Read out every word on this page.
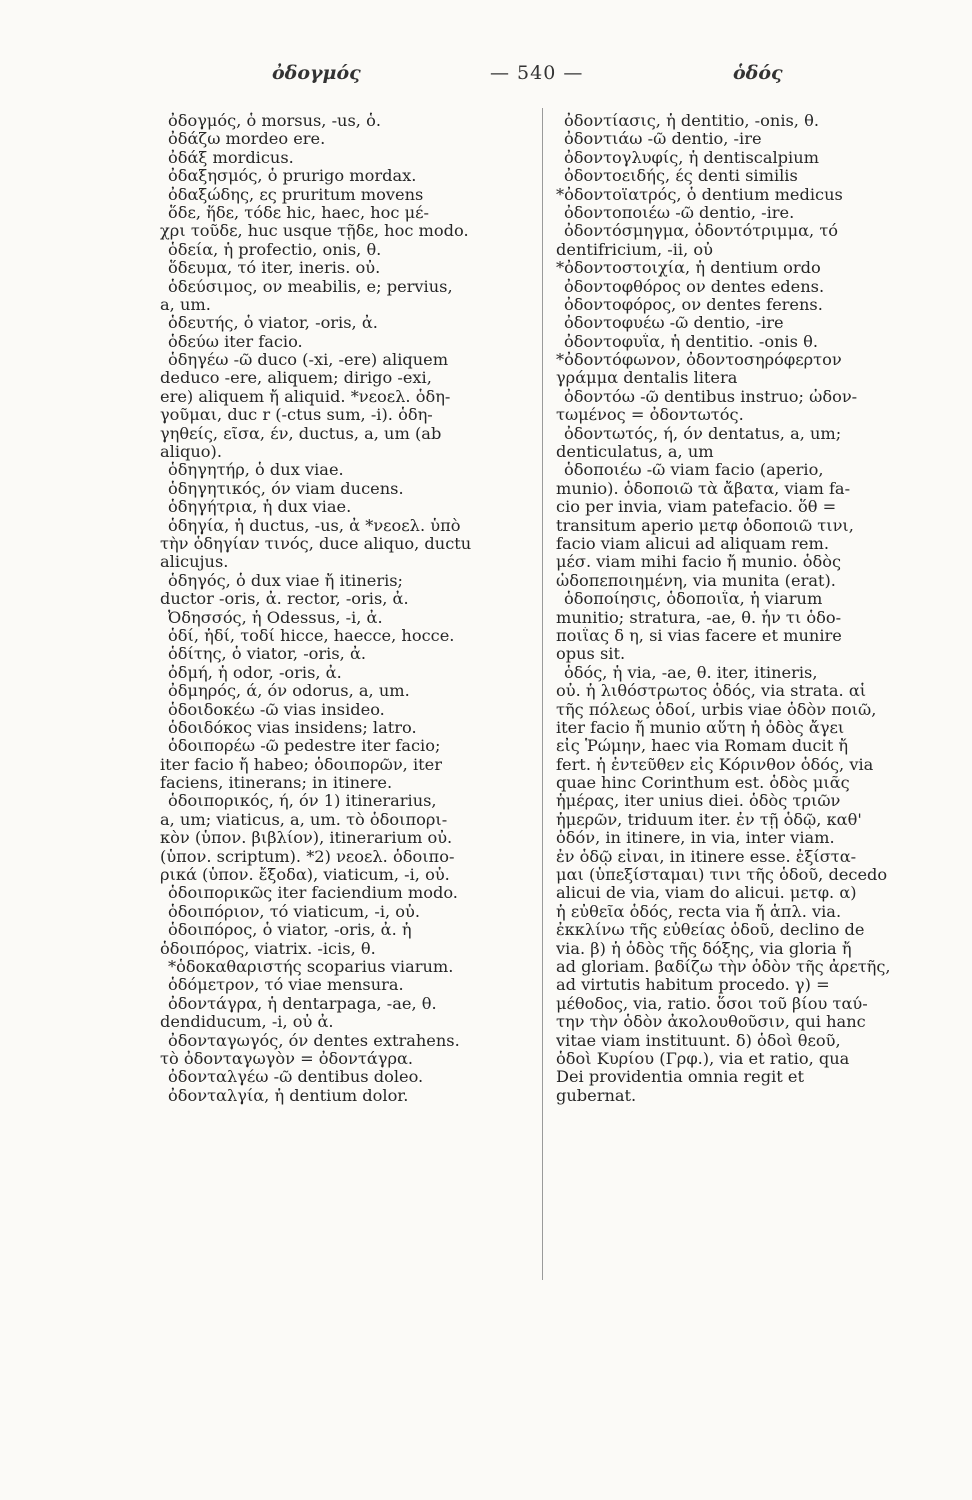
ὀδογμός	— 540 —	ὁδός
ὀδογμός, ὁ morsus, -us, ὁ.
ὀδάζω mordeo ere.
ὀδάξ mordicus.
ὀδαξησμός, ὁ prurigo mordax.
ὀδαξώδης, ες pruritum movens
ὅδε, ἥδε, τόδε hic, haec, hoc μέ-
χρι τοῦδε, huc usque τῇδε, hoc modo.
ὁδεία, ἡ profectio, onis, θ.
ὅδευμα, τό iter, ineris. οὐ.
ὁδεύσιμος, ον meabilis, e; pervius,
a, um.
ὁδευτής, ὁ viator, -oris, ἀ.
ὁδεύω iter facio.
ὁδηγέω -ῶ duco (-xi, -ere) aliquem
deduco -ere, aliquem; dirigo -exi,
ere) aliquem ἤ aliquid. *νεοελ. ὁδη-
γοῦμαι, duc r (-ctus sum, -i). ὁδη-
γηθείς, εῖσα, έν, ductus, a, um (ab
aliquo).
ὁδηγητήρ, ὁ dux viae.
ὁδηγητικός, όν viam ducens.
ὁδηγήτρια, ἡ dux viae.
ὁδηγία, ἡ ductus, -us, ἀ *νεοελ. ὑπὸ
τὴν ὁδηγίαν τινός, duce aliquo, ductu
alicujus.
ὁδηγός, ὁ dux viae ἤ itineris;
ductor -oris, ἀ. rector, -oris, ἀ.
Ὀδησσός, ἡ Odessus, -i, ἀ.
ὁδί, ἡδί, τοδί hicce, haecce, hocce.
ὁδίτης, ὁ viator, -oris, ἀ.
ὀδμή, ἡ odor, -oris, ἀ.
ὀδμηρός, ά, όν odorus, a, um.
ὁδοιδοκέω -ῶ vias insideo.
ὁδοιδόκος vias insidens; latro.
ὁδοιπορέω -ῶ pedestre iter facio;
iter facio ἤ habeo; ὁδοιπορῶν, iter
faciens, itinerans; in itinere.
ὁδοιπορικός, ή, όν 1) itinerarius,
a, um; viaticus, a, um. τὸ ὁδοιπορι-
κὸν (ὑπον. βιβλίον), itinerarium οὐ.
(ὑπον. scriptum). *2) νεοελ. ὁδοιπο-
ρικά (ὑπον. ἔξοδα), viaticum, -i, οὐ.
ὁδοιπορικῶς iter faciendium modo.
ὁδοιπόριον, τό viaticum, -i, οὐ.
ὁδοιπόρος, ὁ viator, -oris, ἀ. ἡ
ὁδοιπόρος, viatrix. -icis, θ.
*ὁδοκαθαριστής scoparius viarum.
ὁδόμετρον, τό viae mensura.
ὀδοντάγρα, ἡ dentarpaga, -ae, θ.
dendiducum, -i, οὐ ἀ.
ὀδονταγωγός, όν dentes extrahens.
τὸ ὀδονταγωγὸν = ὀδοντάγρα.
ὀδονταλγέω -ῶ dentibus doleo.
ὀδονταλγία, ἡ dentium dolor.
ὀδοντίασις, ἡ dentitio, -onis, θ.
ὀδοντιάω -ῶ dentio, -ire
ὀδοντογλυφίς, ἡ dentiscalpium
ὀδοντοειδής, ές denti similis
*ὀδοντοϊατρός, ὁ dentium medicus
ὀδοντοποιέω -ῶ dentio, -ire.
ὀδοντόσμηγμα, ὀδοντότριμμα, τό
dentifricium, -ii, οὐ
*ὀδοντοστοιχία, ἡ dentium ordo
ὀδοντοφθόρος ον dentes edens.
ὀδοντοφόρος, ον dentes ferens.
ὀδοντοφυέω -ῶ dentio, -ire
ὀδοντοφυΐα, ἡ dentitio. -onis θ.
*ὀδοντόφωνον, ὀδοντοσηρόφερτον
γράμμα dentalis litera
ὀδοντόω -ῶ dentibus instruo; ὠδον-
τωμένος = ὀδοντωτός.
ὀδοντωτός, ή, όν dentatus, a, um;
denticulatus, a, um
ὁδοποιέω -ῶ viam facio (aperio,
munio). ὁδοποιῶ τὰ ἄβατα, viam fa-
cio per invia, viam patefacio. ὅθ =
transitum aperio μετφ ὁδοποιῶ τινι,
facio viam alicui ad aliquam rem.
μέσ. viam mihi facio ἤ munio. ὁδὸς
ὡδοπεποιημένη, via munita (erat).
ὁδοποίησις, ὁδοποιΐα, ἡ viarum
munitio; stratura, -ae, θ. ἦν τι ὁδο-
ποιΐας δ η, si vias facere et munire
opus sit.
ὁδός, ἡ via, -ae, θ. iter, itineris,
οὐ. ἡ λιθόστρωτος ὁδός, via strata. αἱ
τῆς πόλεως ὁδοί, urbis viae ὁδὸν ποιῶ,
iter facio ἤ munio αὕτη ἡ ὁδὸς ἄγει
εἰς Ῥώμην, haec via Romam ducit ἤ
fert. ἡ ἐντεῦθεν εἰς Κόρινθον ὁδός, via
quae hinc Corinthum est. ὁδὸς μιᾶς
ἡμέρας, iter unius diei. ὁδὸς τριῶν
ἡμερῶν, triduum iter. ἐν τῇ ὁδῷ, καθ'
ὁδόν, in itinere, in via, inter viam.
ἐν ὁδῷ εἶναι, in itinere esse. ἐξίστα-
μαι (ὑπεξίσταμαι) τινι τῆς ὁδοῦ, decedo
alicui de via, viam do alicui. μετφ. α)
ἡ εὐθεῖα ὁδός, recta via ἤ ἁπλ. via.
ἐκκλίνω τῆς εὐθείας ὁδοῦ, declino de
via. β) ἡ ὁδὸς τῆς δόξης, via gloria ἤ
ad gloriam. βαδίζω τὴν ὁδὸν τῆς ἀρετῆς,
ad virtutis habitum procedo. γ) =
μέθοδος, via, ratio. ὅσοι τοῦ βίου ταύ-
την τὴν ὁδὸν ἀκολουθοῦσιν, qui hanc
vitae viam instituunt. δ) ὁδοὶ θεοῦ,
ὁδοὶ Κυρίου (Γρφ.), via et ratio, qua
Dei providentia omnia regit et
gubernat.
